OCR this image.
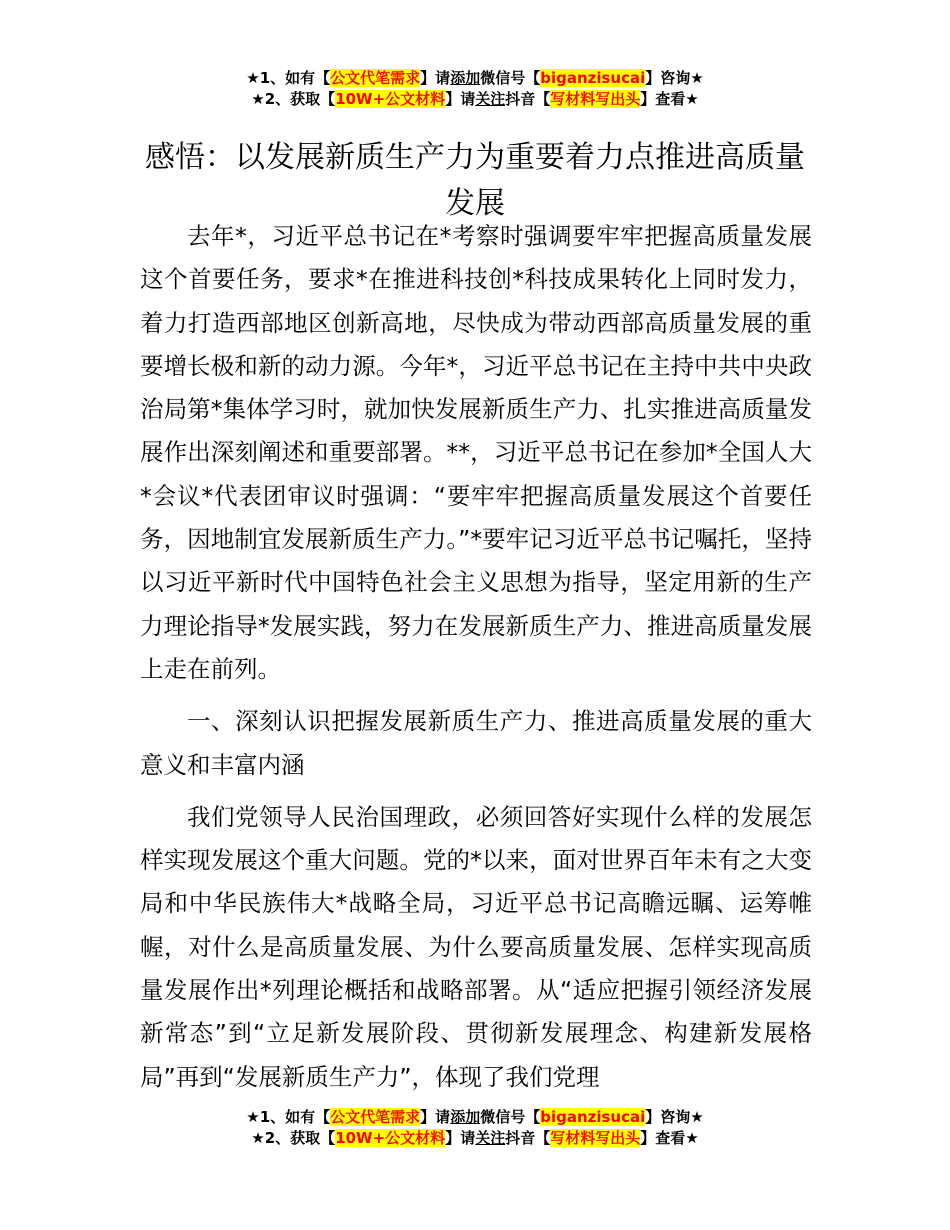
★1、如有【公文代笔需求】请添加微信号【biganzisucai】咨询★
★2、获取【10W+公文材料】请关注抖音【写材料写出头】查看★
感悟：以发展新质生产力为重要着力点推进高质量发展

去年*，习近平总书记在*考察时强调要牢牢把握高质量发展这个首要任务，要求*在推进科技创*科技成果转化上同时发力，着力打造西部地区创新高地，尽快成为带动西部高质量发展的重要增长极和新的动力源。今年*，习近平总书记在主持中共中央政治局第*集体学习时，就加快发展新质生产力、扎实推进高质量发展作出深刻阐述和重要部署。**，习近平总书记在参加*全国人大*会议*代表团审议时强调：“要牢牢把握高质量发展这个首要任务，因地制宜发展新质生产力。”*要牢记习近平总书记嘱托，坚持以习近平新时代中国特色社会主义思想为指导，坚定用新的生产力理论指导*发展实践，努力在发展新质生产力、推进高质量发展上走在前列。

一、深刻认识把握发展新质生产力、推进高质量发展的重大意义和丰富内涵

我们党领导人民治国理政，必须回答好实现什么样的发展怎样实现发展这个重大问题。党的*以来，面对世界百年未有之大变局和中华民族伟大*战略全局，习近平总书记高瞻远瞩、运筹帷幄，对什么是高质量发展、为什么要高质量发展、怎样实现高质量发展作出*列理论概括和战略部署。从“适应把握引领经济发展新常态”到“立足新发展阶段、贯彻新发展理念、构建新发展格局”再到“发展新质生产力”，体现了我们党理

★1、如有【公文代笔需求】请添加微信号【biganzisucai】咨询★
★2、获取【10W+公文材料】请关注抖音【写材料写出头】查看★
